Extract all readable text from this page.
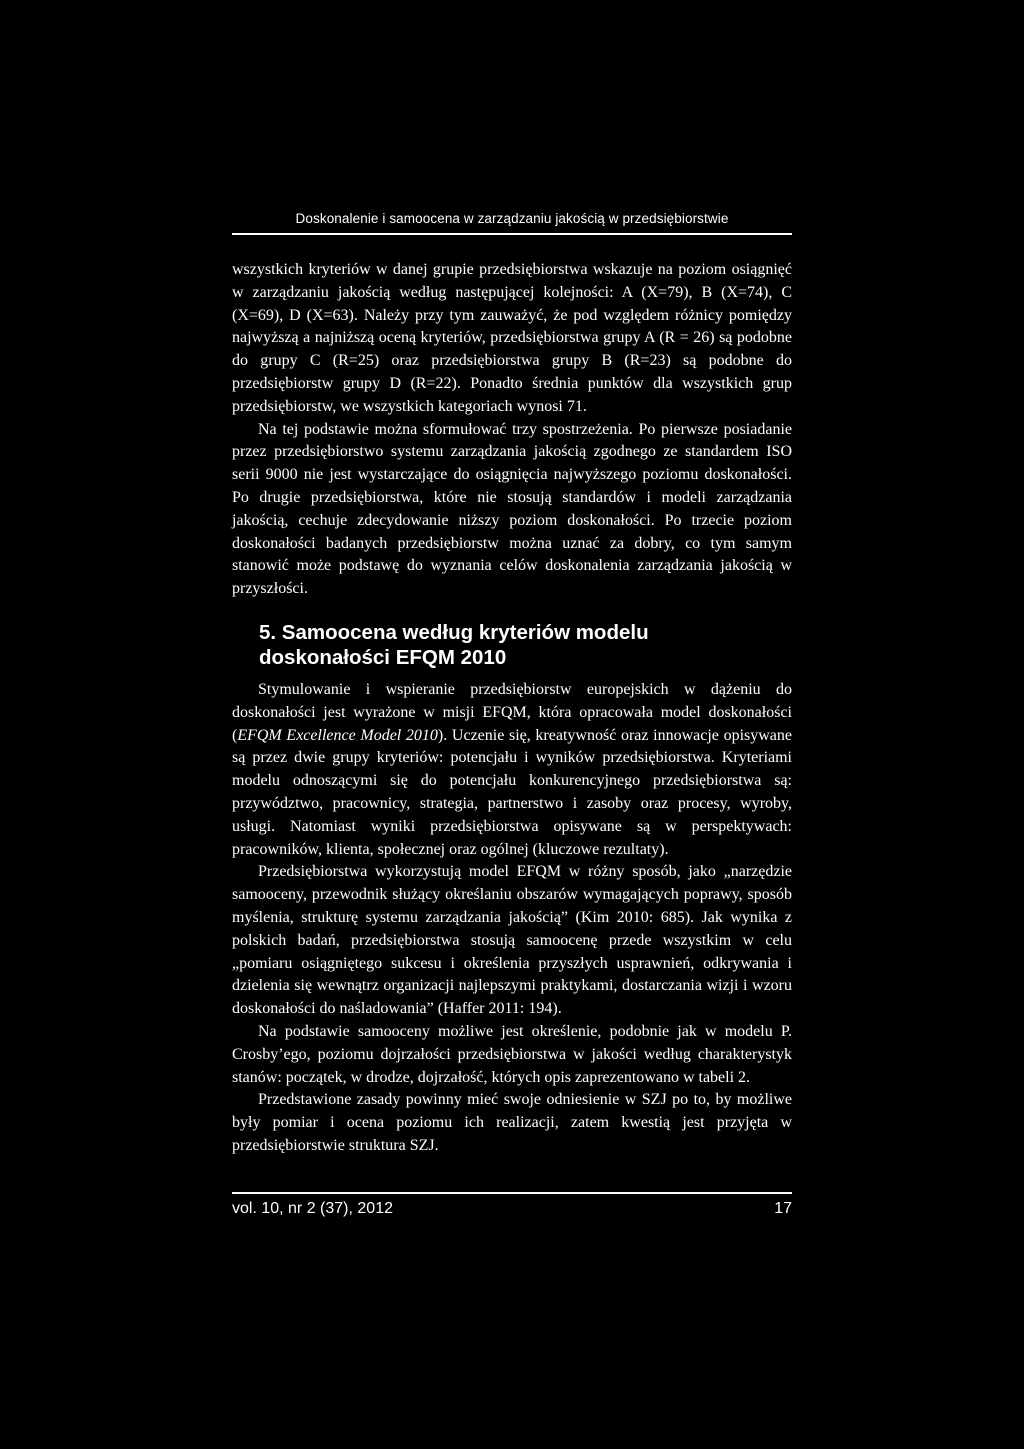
Doskonalenie i samoocena w zarządzaniu jakością w przedsiębiorstwie

wszystkich kryteriów w danej grupie przedsiębiorstwa wskazuje na poziom osiągnięć w zarządzaniu jakością według następującej kolejności: A (X=79), B (X=74), C (X=69), D (X=63). Należy przy tym zauważyć, że pod względem różnicy pomiędzy najwyższą a najniższą oceną kryteriów, przedsiębiorstwa grupy A (R = 26) są podobne do grupy C (R=25) oraz przedsiębiorstwa grupy B (R=23) są podobne do przedsiębiorstw grupy D (R=22). Ponadto średnia punktów dla wszystkich grup przedsiębiorstw, we wszystkich kategoriach wynosi 71.

Na tej podstawie można sformułować trzy spostrzeżenia. Po pierwsze posiadanie przez przedsiębiorstwo systemu zarządzania jakością zgodnego ze standardem ISO serii 9000 nie jest wystarczające do osiągnięcia najwyższego poziomu doskonałości. Po drugie przedsiębiorstwa, które nie stosują standardów i modeli zarządzania jakością, cechuje zdecydowanie niższy poziom doskonałości. Po trzecie poziom doskonałości badanych przedsiębiorstw można uznać za dobry, co tym samym stanowić może podstawę do wyznania celów doskonalenia zarządzania jakością w przyszłości.

5. Samoocena według kryteriów modelu
doskonałości EFQM 2010

Stymulowanie i wspieranie przedsiębiorstw europejskich w dążeniu do doskonałości jest wyrażone w misji EFQM, która opracowała model doskonałości (EFQM Excellence Model 2010). Uczenie się, kreatywność oraz innowacje opisywane są przez dwie grupy kryteriów: potencjału i wyników przedsiębiorstwa. Kryteriami modelu odnoszącymi się do potencjału konkurencyjnego przedsiębiorstwa są: przywództwo, pracownicy, strategia, partnerstwo i zasoby oraz procesy, wyroby, usługi. Natomiast wyniki przedsiębiorstwa opisywane są w perspektywach: pracowników, klienta, społecznej oraz ogólnej (kluczowe rezultaty).

Przedsiębiorstwa wykorzystują model EFQM w różny sposób, jako „narzędzie samooceny, przewodnik służący określaniu obszarów wymagających poprawy, sposób myślenia, strukturę systemu zarządzania jakością” (Kim 2010: 685). Jak wynika z polskich badań, przedsiębiorstwa stosują samoocenę przede wszystkim w celu „pomiaru osiągniętego sukcesu i określenia przyszłych usprawnień, odkrywania i dzielenia się wewnątrz organizacji najlepszymi praktykami, dostarczania wizji i wzoru doskonałości do naśladowania” (Haffer 2011: 194).

Na podstawie samooceny możliwe jest określenie, podobnie jak w modelu P. Crosby’ego, poziomu dojrzałości przedsiębiorstwa w jakości według charakterystyk stanów: początek, w drodze, dojrzałość, których opis zaprezentowano w tabeli 2.

Przedstawione zasady powinny mieć swoje odniesienie w SZJ po to, by możliwe były pomiar i ocena poziomu ich realizacji, zatem kwestią jest przyjęta w przedsiębiorstwie struktura SZJ.

vol. 10, nr 2 (37), 2012	17
